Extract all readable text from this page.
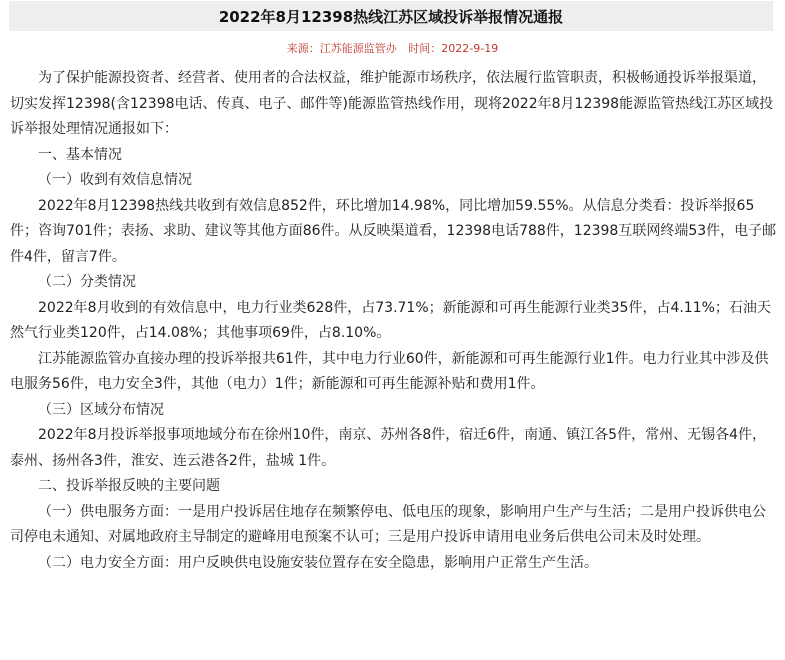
2022年8月12398热线江苏区域投诉举报情况通报
来源：江苏能源监管办 时间：2022-9-19

为了保护能源投资者、经营者、使用者的合法权益，维护能源市场秩序，依法履行监管职责，积极畅通投诉举报渠道，切实发挥12398(含12398电话、传真、电子、邮件等)能源监管热线作用，现将2022年8月12398能源监管热线江苏区域投诉举报处理情况通报如下：

一、基本情况

（一）收到有效信息情况

2022年8月12398热线共收到有效信息852件，环比增加14.98%，同比增加59.55%。从信息分类看：投诉举报65件；咨询701件；表扬、求助、建议等其他方面86件。从反映渠道看，12398电话788件，12398互联网终端53件，电子邮件4件，留言7件。

（二）分类情况

2022年8月收到的有效信息中，电力行业类628件，占73.71%；新能源和可再生能源行业类35件，占4.11%；石油天然气行业类120件，占14.08%；其他事项69件，占8.10%。

江苏能源监管办直接办理的投诉举报共61件，其中电力行业60件，新能源和可再生能源行业1件。电力行业其中涉及供电服务56件，电力安全3件，其他（电力）1件；新能源和可再生能源补贴和费用1件。

（三）区域分布情况

2022年8月投诉举报事项地域分布在徐州10件，南京、苏州各8件，宿迁6件，南通、镇江各5件，常州、无锡各4件，泰州、扬州各3件，淮安、连云港各2件，盐城 1件。

二、投诉举报反映的主要问题

（一）供电服务方面：一是用户投诉居住地存在频繁停电、低电压的现象，影响用户生产与生活；二是用户投诉供电公司停电未通知、对属地政府主导制定的避峰用电预案不认可；三是用户投诉申请用电业务后供电公司未及时处理。

（二）电力安全方面：用户反映供电设施安装位置存在安全隐患，影响用户正常生产生活。
